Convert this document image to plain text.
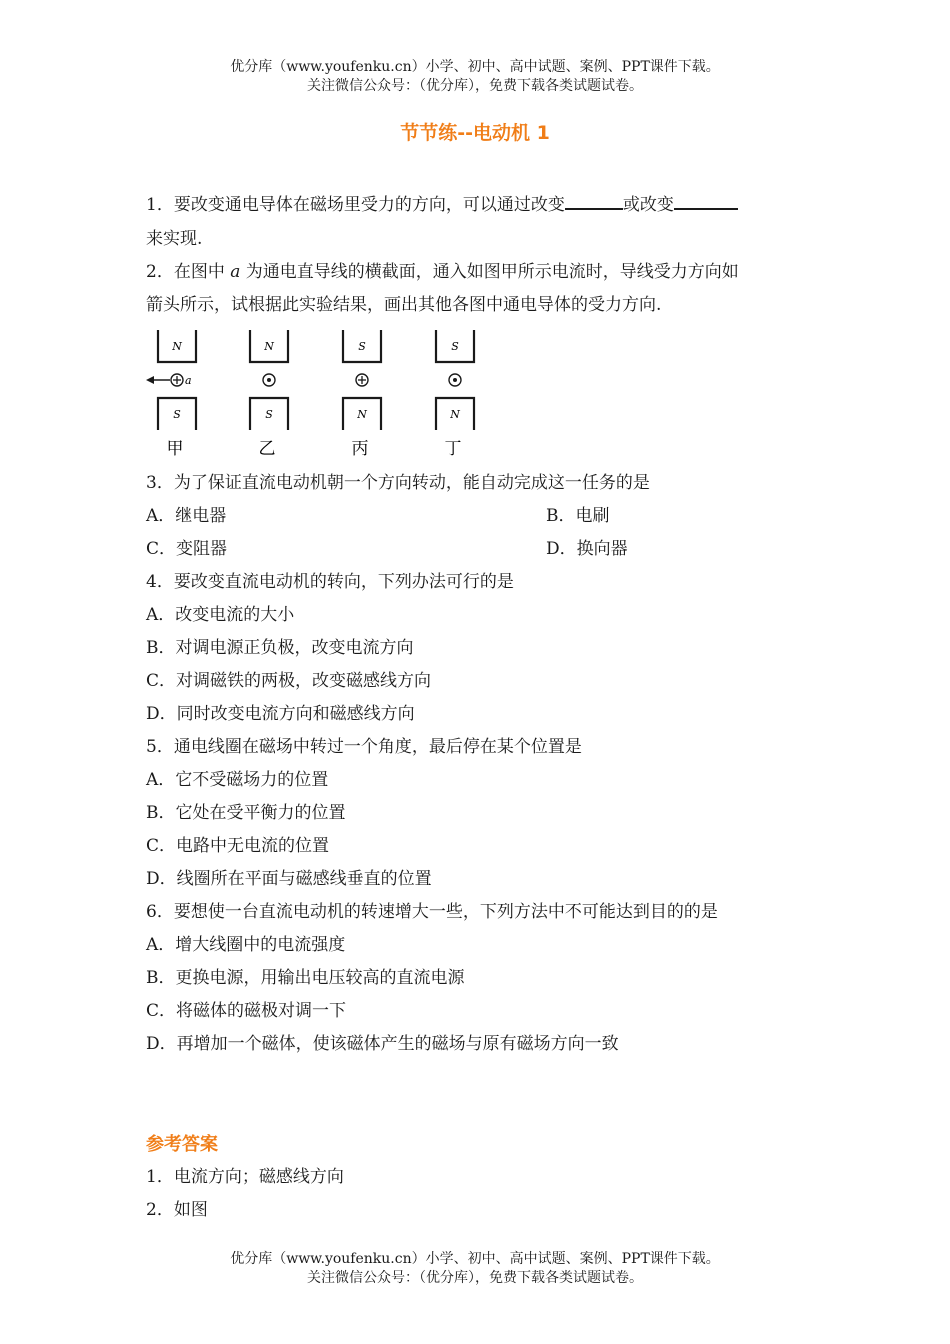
优分库（www.youfenku.cn）小学、初中、高中试题、案例、PPT课件下载。
关注微信公众号：（优分库），免费下载各类试题试卷。
节节练--电动机 1
1．要改变通电导体在磁场里受力的方向，可以通过改变	或改变
来实现.
2．在图中 a 为通电直导线的横截面，通入如图甲所示电流时，导线受力方向如
箭头所示，试根据此实验结果，画出其他各图中通电导体的受力方向.
N
S
a
甲
N
S
乙
S
N
丙
S
N
丁
3．为了保证直流电动机朝一个方向转动，能自动完成这一任务的是
A．继电器	B．电刷
C．变阻器	D．换向器
4．要改变直流电动机的转向，下列办法可行的是
A．改变电流的大小
B．对调电源正负极，改变电流方向
C．对调磁铁的两极，改变磁感线方向
D．同时改变电流方向和磁感线方向
5．通电线圈在磁场中转过一个角度，最后停在某个位置是
A．它不受磁场力的位置
B．它处在受平衡力的位置
C．电路中无电流的位置
D．线圈所在平面与磁感线垂直的位置
6．要想使一台直流电动机的转速增大一些，下列方法中不可能达到目的的是
A．增大线圈中的电流强度
B．更换电源，用输出电压较高的直流电源
C．将磁体的磁极对调一下
D．再增加一个磁体，使该磁体产生的磁场与原有磁场方向一致
参考答案
1．电流方向；磁感线方向
2．如图
优分库（www.youfenku.cn）小学、初中、高中试题、案例、PPT课件下载。
关注微信公众号：（优分库），免费下载各类试题试卷。
